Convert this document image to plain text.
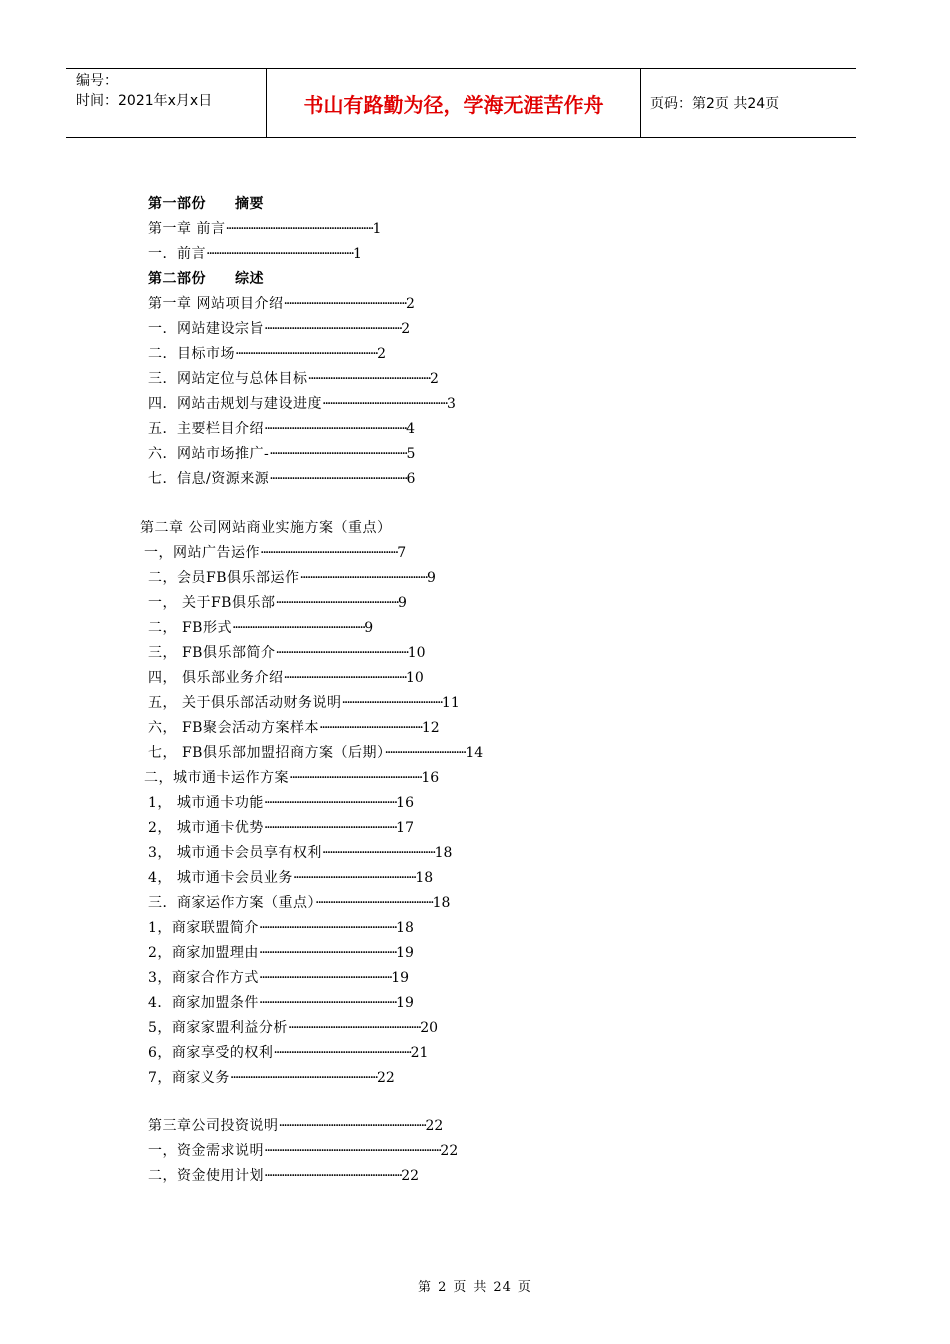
编号：
时间：2021年x月x日	书山有路勤为径，学海无涯苦作舟	页码：第2页 共24页
第一部份　　摘要
第一章 前言····························································1
一．前言····························································1
第二部份　　综述
第一章 网站项目介绍··················································2
一．网站建设宗旨························································2
二．目标市场··························································2
三．网站定位与总体目标··················································2
四．网站击规划与建设进度···················································3
五．主要栏目介绍··························································4
六．网站市场推广-························································5
七．信息/资源来源························································6
第二章 公司网站商业实施方案（重点）
一，网站广告运作························································7
二，会员FB俱乐部运作····················································9
一， 关于FB俱乐部··················································9
二， FB形式······················································9
三， FB俱乐部简介······················································10
四， 俱乐部业务介绍··················································10
五， 关于俱乐部活动财务说明·········································11
六， FB聚会活动方案样本··········································12
七， FB俱乐部加盟招商方案（后期）·································14
二，城市通卡运作方案······················································16
1， 城市通卡功能······················································16
2， 城市通卡优势······················································17
3， 城市通卡会员享有权利··············································18
4， 城市通卡会员业务··················································18
三．商家运作方案（重点）················································18
1，商家联盟简介························································18
2，商家加盟理由························································19
3，商家合作方式······················································19
4．商家加盟条件························································19
5，商家家盟利益分析······················································20
6，商家享受的权利························································21
7，商家义务····························································22
第三章公司投资说明····························································22
一，资金需求说明········································································22
二，资金使用计划························································22
第 2 页 共 24 页
